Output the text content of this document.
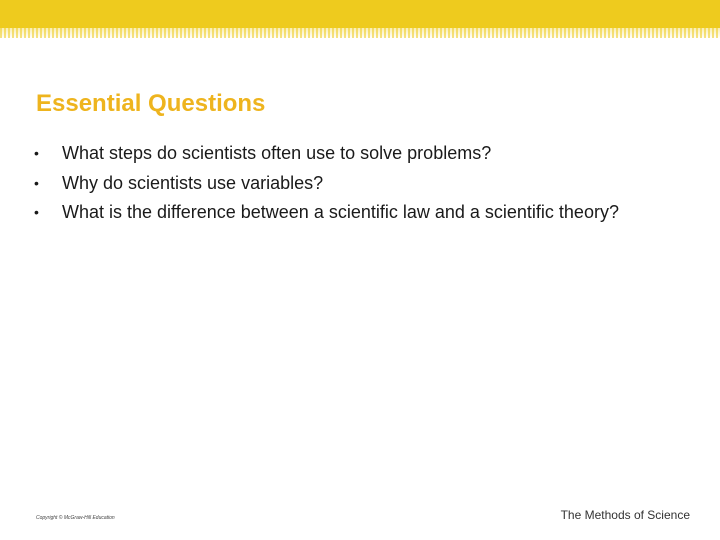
Essential Questions
• What steps do scientists often use to solve problems?
• Why do scientists use variables?
• What is the difference between a scientific law and a scientific theory?
Copyright © McGraw-Hill Education	The Methods of Science
